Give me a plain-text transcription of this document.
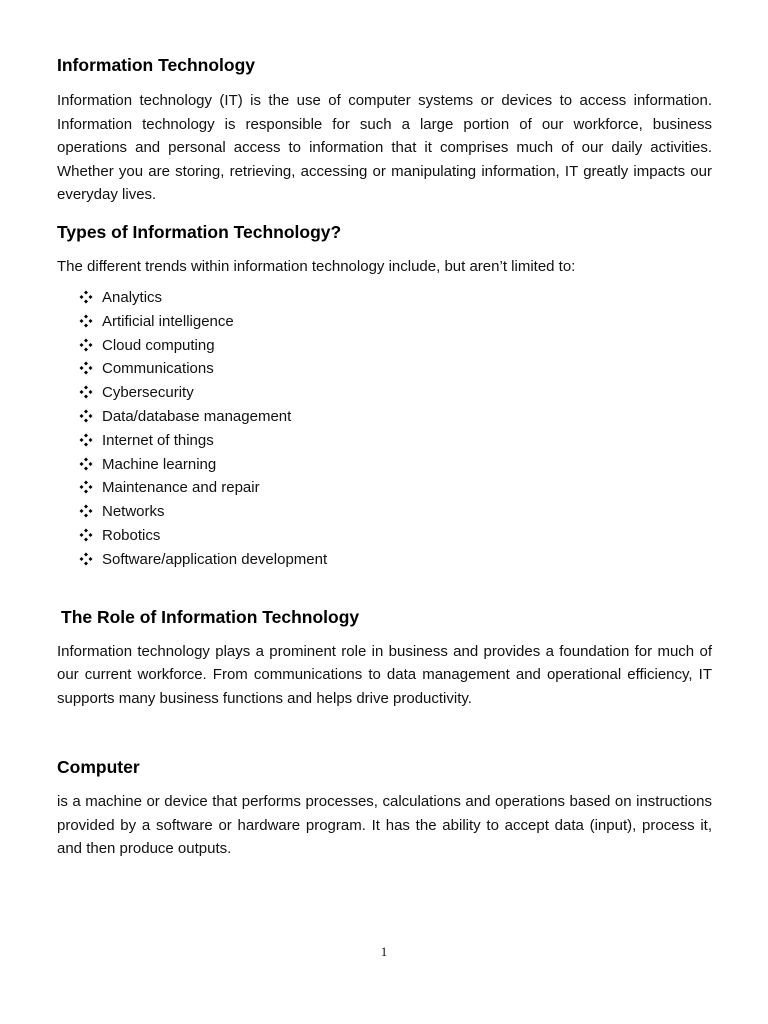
Information Technology

Information technology (IT) is the use of computer systems or devices to access information. Information technology is responsible for such a large portion of our workforce, business operations and personal access to information that it comprises much of our daily activities. Whether you are storing, retrieving, accessing or manipulating information, IT greatly impacts our everyday lives.

Types of Information Technology?

The different trends within information technology include, but aren’t limited to:

Analytics
Artificial intelligence
Cloud computing
Communications
Cybersecurity
Data/database management
Internet of things
Machine learning
Maintenance and repair
Networks
Robotics
Software/application development
The Role of Information Technology

Information technology plays a prominent role in business and provides a foundation for much of our current workforce. From communications to data management and operational efficiency, IT supports many business functions and helps drive productivity.

Computer

is a machine or device that performs processes, calculations and operations based on instructions provided by a software or hardware program. It has the ability to accept data (input), process it, and then produce outputs.

1
